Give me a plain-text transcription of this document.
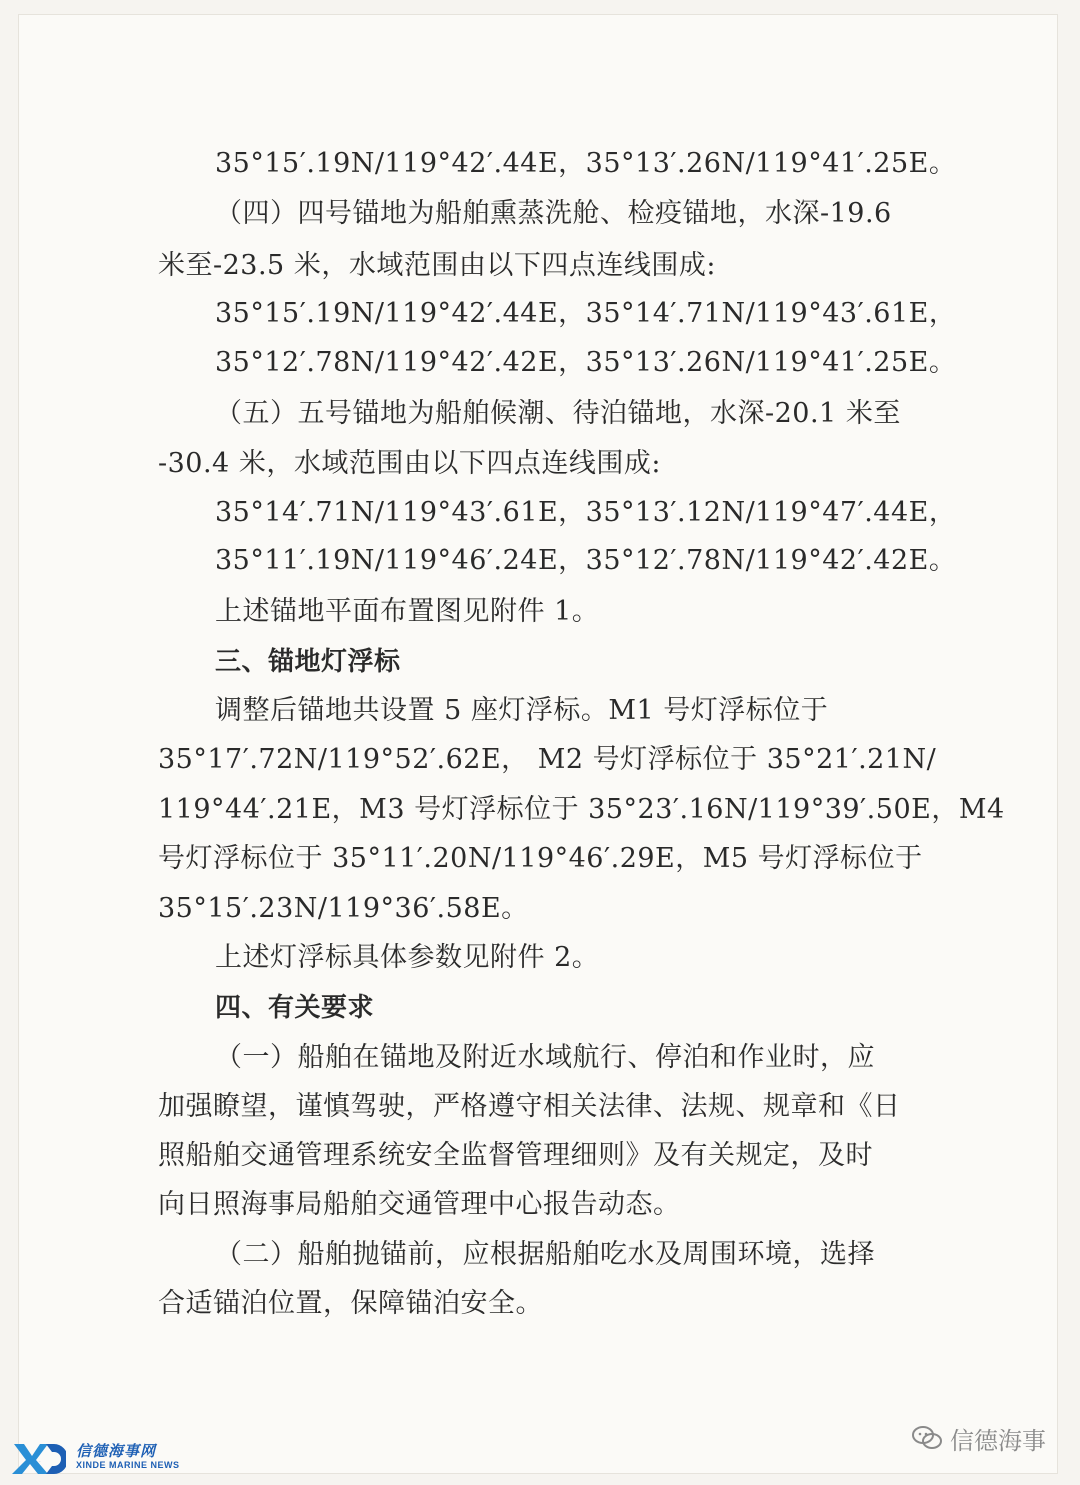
35°15′.19N/119°42′.44E，35°13′.26N/119°41′.25E。
（四）四号锚地为船舶熏蒸洗舱、检疫锚地，水深-19.6
米至-23.5 米，水域范围由以下四点连线围成:
35°15′.19N/119°42′.44E，35°14′.71N/119°43′.61E，
35°12′.78N/119°42′.42E，35°13′.26N/119°41′.25E。
（五）五号锚地为船舶候潮、待泊锚地，水深-20.1 米至
-30.4 米，水域范围由以下四点连线围成:
35°14′.71N/119°43′.61E，35°13′.12N/119°47′.44E，
35°11′.19N/119°46′.24E，35°12′.78N/119°42′.42E。
上述锚地平面布置图见附件 1。
三、锚地灯浮标
调整后锚地共设置 5 座灯浮标。M1 号灯浮标位于
35°17′.72N/119°52′.62E， M2 号灯浮标位于 35°21′.21N/
119°44′.21E，M3 号灯浮标位于 35°23′.16N/119°39′.50E，M4
号灯浮标位于 35°11′.20N/119°46′.29E，M5 号灯浮标位于
35°15′.23N/119°36′.58E。
上述灯浮标具体参数见附件 2。
四、有关要求
（一）船舶在锚地及附近水域航行、停泊和作业时，应
加强瞭望，谨慎驾驶，严格遵守相关法律、法规、规章和《日
照船舶交通管理系统安全监督管理细则》及有关规定，及时
向日照海事局船舶交通管理中心报告动态。
（二）船舶抛锚前，应根据船舶吃水及周围环境，选择
合适锚泊位置，保障锚泊安全。
XD
信德海事网
XINDE MARINE NEWS
信德海事
